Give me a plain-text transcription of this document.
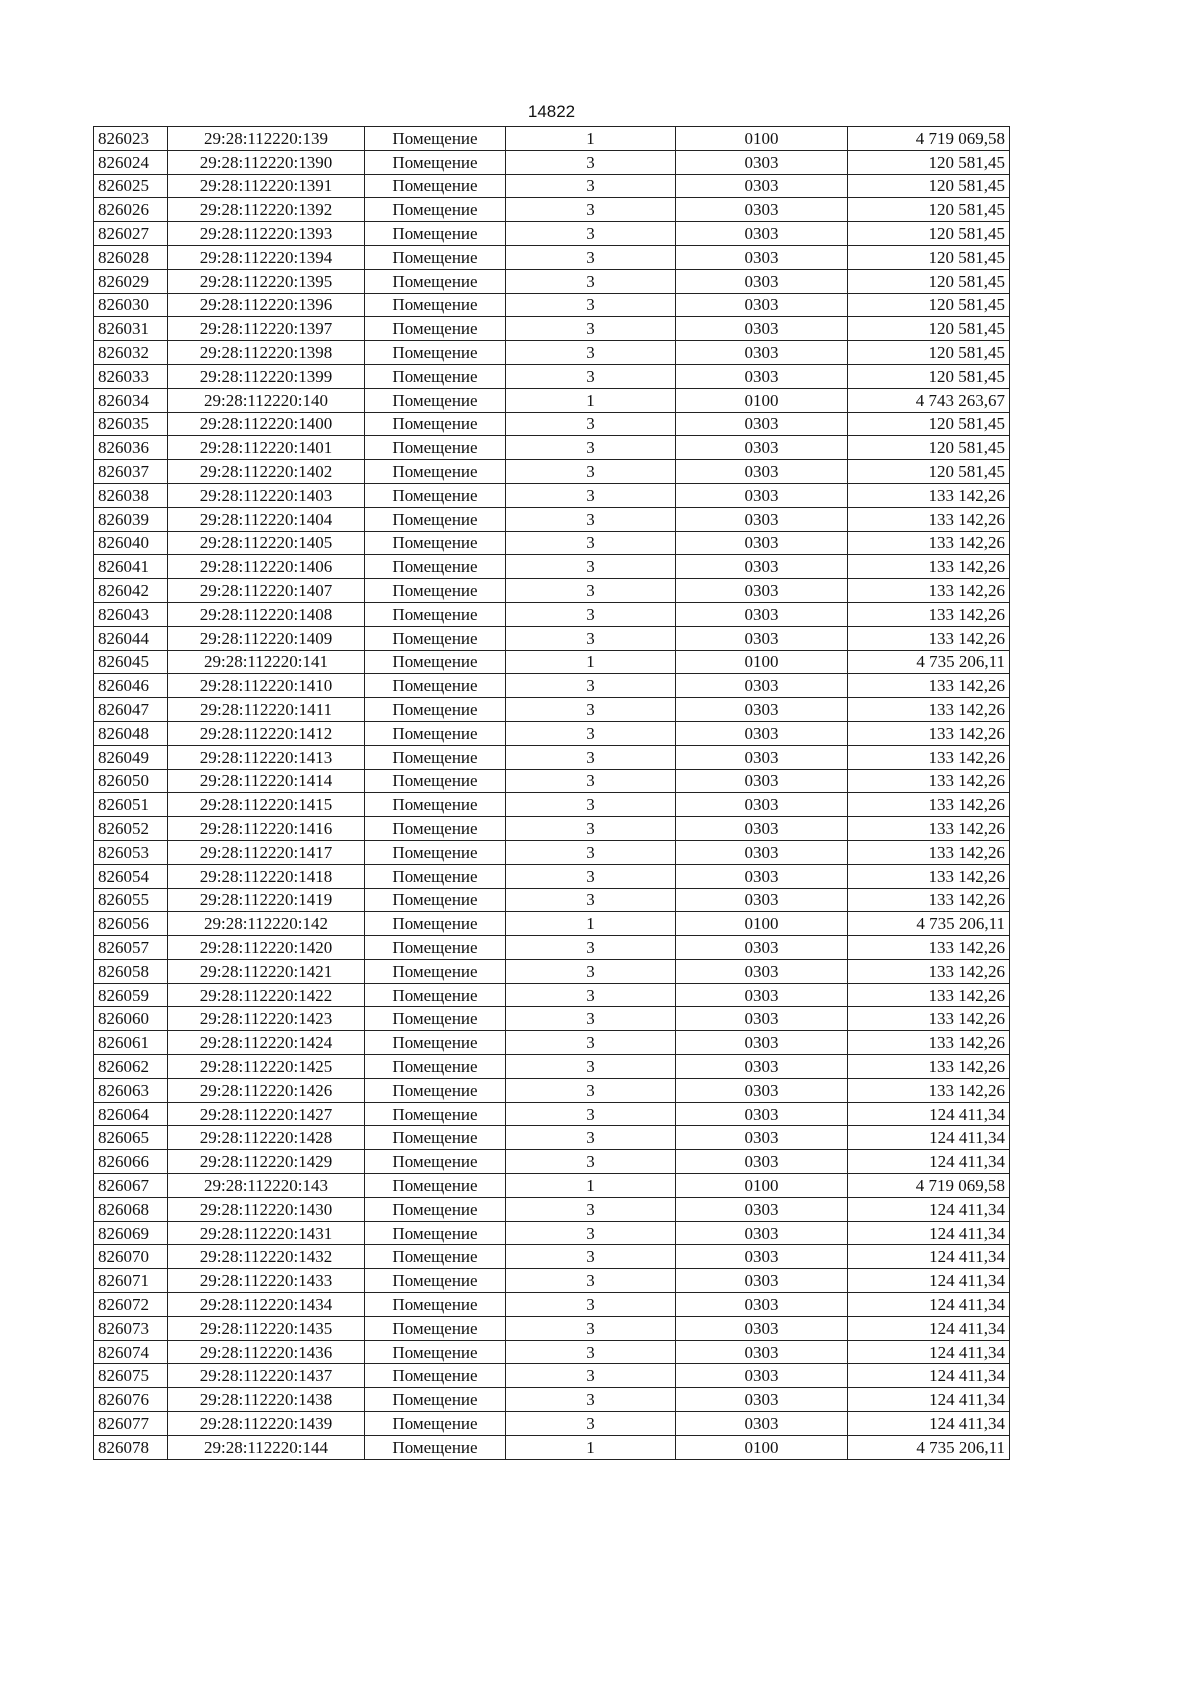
14822
826023	29:28:112220:139	Помещение	1	0100	4 719 069,58
826024	29:28:112220:1390	Помещение	3	0303	120 581,45
826025	29:28:112220:1391	Помещение	3	0303	120 581,45
826026	29:28:112220:1392	Помещение	3	0303	120 581,45
826027	29:28:112220:1393	Помещение	3	0303	120 581,45
826028	29:28:112220:1394	Помещение	3	0303	120 581,45
826029	29:28:112220:1395	Помещение	3	0303	120 581,45
826030	29:28:112220:1396	Помещение	3	0303	120 581,45
826031	29:28:112220:1397	Помещение	3	0303	120 581,45
826032	29:28:112220:1398	Помещение	3	0303	120 581,45
826033	29:28:112220:1399	Помещение	3	0303	120 581,45
826034	29:28:112220:140	Помещение	1	0100	4 743 263,67
826035	29:28:112220:1400	Помещение	3	0303	120 581,45
826036	29:28:112220:1401	Помещение	3	0303	120 581,45
826037	29:28:112220:1402	Помещение	3	0303	120 581,45
826038	29:28:112220:1403	Помещение	3	0303	133 142,26
826039	29:28:112220:1404	Помещение	3	0303	133 142,26
826040	29:28:112220:1405	Помещение	3	0303	133 142,26
826041	29:28:112220:1406	Помещение	3	0303	133 142,26
826042	29:28:112220:1407	Помещение	3	0303	133 142,26
826043	29:28:112220:1408	Помещение	3	0303	133 142,26
826044	29:28:112220:1409	Помещение	3	0303	133 142,26
826045	29:28:112220:141	Помещение	1	0100	4 735 206,11
826046	29:28:112220:1410	Помещение	3	0303	133 142,26
826047	29:28:112220:1411	Помещение	3	0303	133 142,26
826048	29:28:112220:1412	Помещение	3	0303	133 142,26
826049	29:28:112220:1413	Помещение	3	0303	133 142,26
826050	29:28:112220:1414	Помещение	3	0303	133 142,26
826051	29:28:112220:1415	Помещение	3	0303	133 142,26
826052	29:28:112220:1416	Помещение	3	0303	133 142,26
826053	29:28:112220:1417	Помещение	3	0303	133 142,26
826054	29:28:112220:1418	Помещение	3	0303	133 142,26
826055	29:28:112220:1419	Помещение	3	0303	133 142,26
826056	29:28:112220:142	Помещение	1	0100	4 735 206,11
826057	29:28:112220:1420	Помещение	3	0303	133 142,26
826058	29:28:112220:1421	Помещение	3	0303	133 142,26
826059	29:28:112220:1422	Помещение	3	0303	133 142,26
826060	29:28:112220:1423	Помещение	3	0303	133 142,26
826061	29:28:112220:1424	Помещение	3	0303	133 142,26
826062	29:28:112220:1425	Помещение	3	0303	133 142,26
826063	29:28:112220:1426	Помещение	3	0303	133 142,26
826064	29:28:112220:1427	Помещение	3	0303	124 411,34
826065	29:28:112220:1428	Помещение	3	0303	124 411,34
826066	29:28:112220:1429	Помещение	3	0303	124 411,34
826067	29:28:112220:143	Помещение	1	0100	4 719 069,58
826068	29:28:112220:1430	Помещение	3	0303	124 411,34
826069	29:28:112220:1431	Помещение	3	0303	124 411,34
826070	29:28:112220:1432	Помещение	3	0303	124 411,34
826071	29:28:112220:1433	Помещение	3	0303	124 411,34
826072	29:28:112220:1434	Помещение	3	0303	124 411,34
826073	29:28:112220:1435	Помещение	3	0303	124 411,34
826074	29:28:112220:1436	Помещение	3	0303	124 411,34
826075	29:28:112220:1437	Помещение	3	0303	124 411,34
826076	29:28:112220:1438	Помещение	3	0303	124 411,34
826077	29:28:112220:1439	Помещение	3	0303	124 411,34
826078	29:28:112220:144	Помещение	1	0100	4 735 206,11
